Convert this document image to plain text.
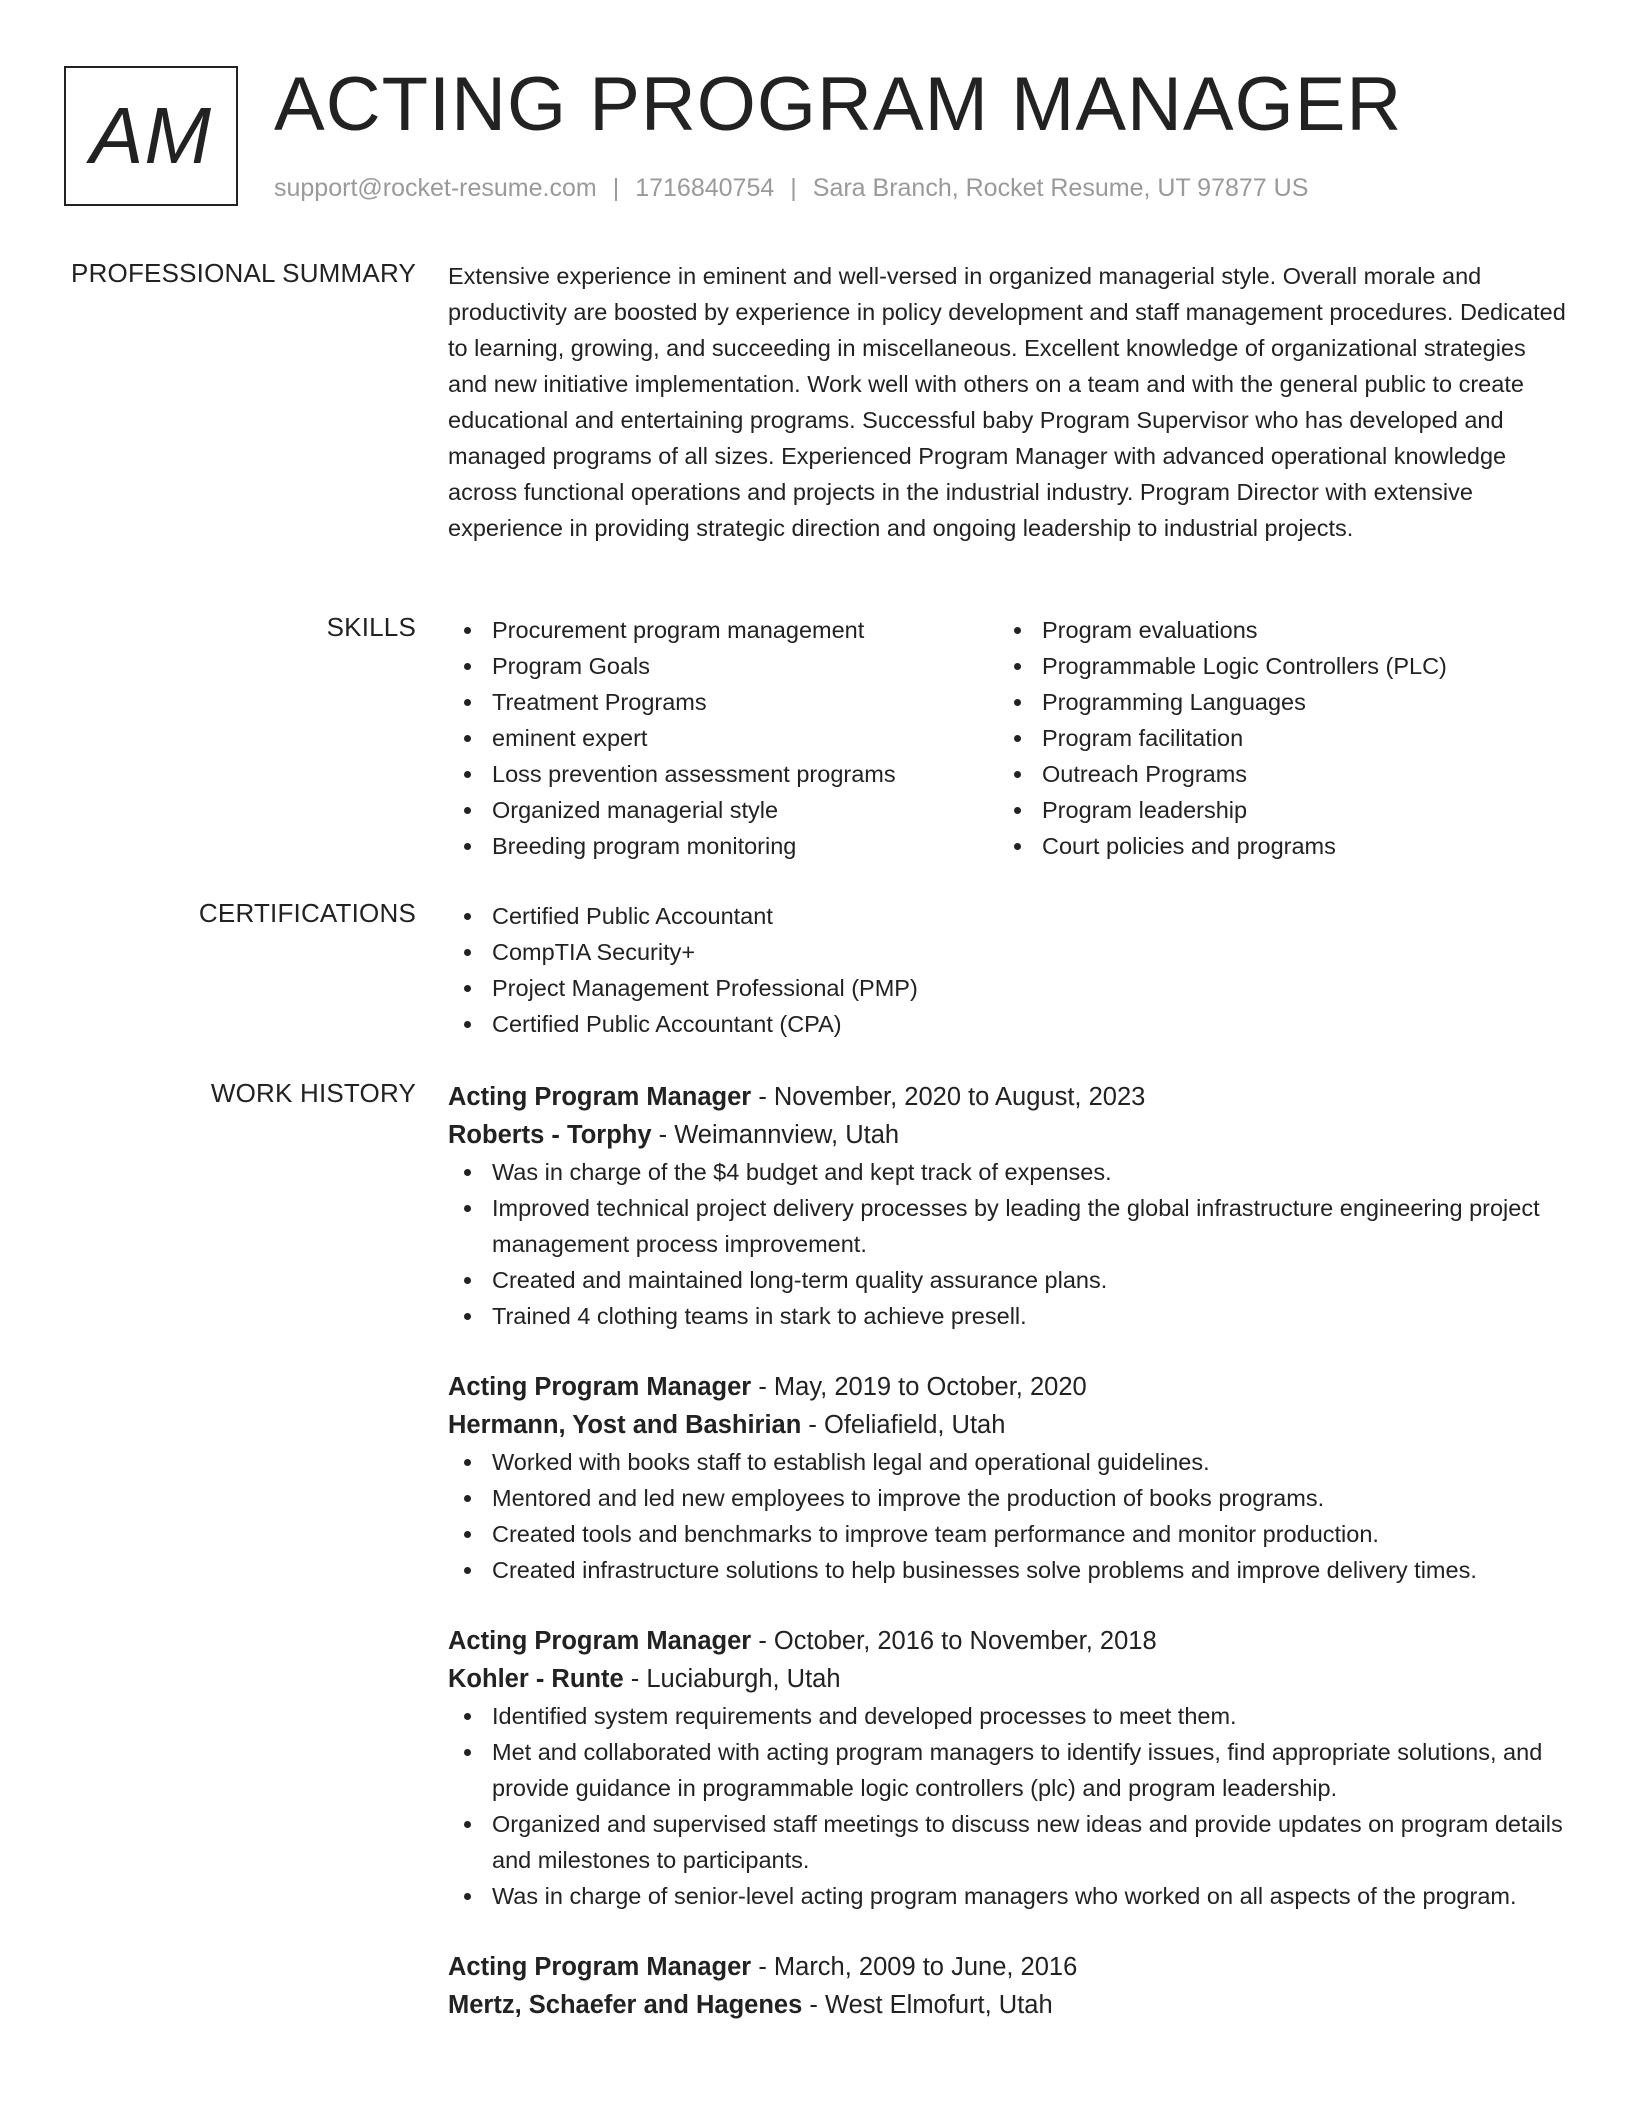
AM ACTING PROGRAM MANAGER
support@rocket-resume.com | 1716840754 | Sara Branch, Rocket Resume, UT 97877 US
PROFESSIONAL SUMMARY Extensive experience in eminent and well-versed in organized managerial style. Overall morale and productivity are boosted by experience in policy development and staff management procedures. Dedicated to learning, growing, and succeeding in miscellaneous. Excellent knowledge of organizational strategies and new initiative implementation. Work well with others on a team and with the general public to create educational and entertaining programs. Successful baby Program Supervisor who has developed and managed programs of all sizes. Experienced Program Manager with advanced operational knowledge across functional operations and projects in the industrial industry. Program Director with extensive experience in providing strategic direction and ongoing leadership to industrial projects.

SKILLS	Procurement program management
Program Goals
Treatment Programs
eminent expert
Loss prevention assessment programs
Organized managerial style
Breeding program monitoring
Program evaluations
Programmable Logic Controllers (PLC)
Programming Languages
Program facilitation
Outreach Programs
Program leadership
Court policies and programs
CERTIFICATIONS	Certified Public Accountant
CompTIA Security+
Project Management Professional (PMP)
Certified Public Accountant (CPA)
WORK HISTORY Acting Program Manager - November, 2020 to August, 2023
Roberts - Torphy - Weimannview, Utah
Was in charge of the $4 budget and kept track of expenses.
Improved technical project delivery processes by leading the global infrastructure engineering project management process improvement.
Created and maintained long-term quality assurance plans.
Trained 4 clothing teams in stark to achieve presell.
Acting Program Manager - May, 2019 to October, 2020
Hermann, Yost and Bashirian - Ofeliafield, Utah
Worked with books staff to establish legal and operational guidelines.
Mentored and led new employees to improve the production of books programs.
Created tools and benchmarks to improve team performance and monitor production.
Created infrastructure solutions to help businesses solve problems and improve delivery times.
Acting Program Manager - October, 2016 to November, 2018
Kohler - Runte - Luciaburgh, Utah
Identified system requirements and developed processes to meet them.
Met and collaborated with acting program managers to identify issues, find appropriate solutions, and provide guidance in programmable logic controllers (plc) and program leadership.
Organized and supervised staff meetings to discuss new ideas and provide updates on program details and milestones to participants.
Was in charge of senior-level acting program managers who worked on all aspects of the program.
Acting Program Manager - March, 2009 to June, 2016
Mertz, Schaefer and Hagenes - West Elmofurt, Utah
